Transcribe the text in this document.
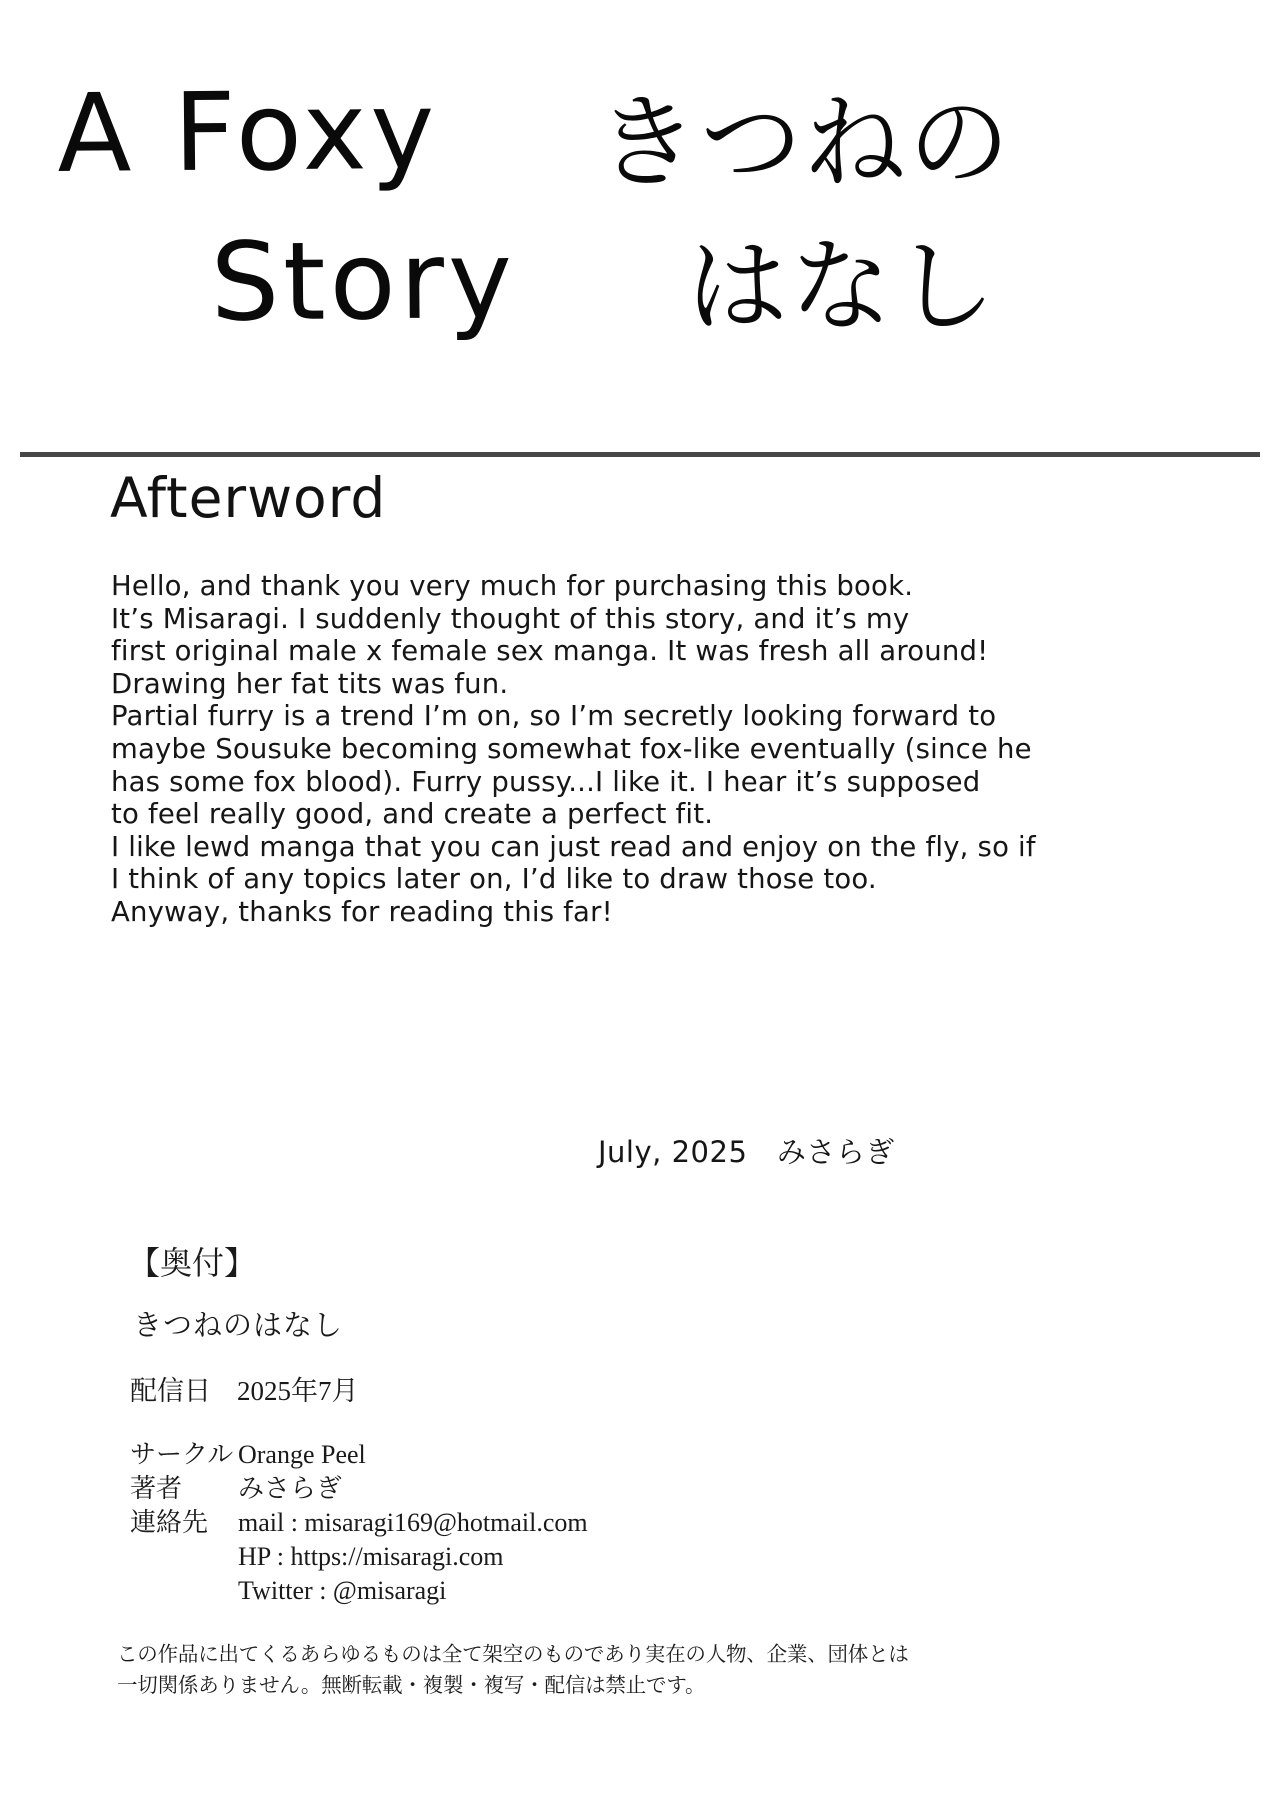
A Foxy
Story
きつねの
はなし
Afterword
Hello, and thank you very much for purchasing this book.
It’s Misaragi. I suddenly thought of this story, and it’s my
first original male x female sex manga. It was fresh all around!
Drawing her fat tits was fun.
Partial furry is a trend I’m on, so I’m secretly looking forward to
maybe Sousuke becoming somewhat fox-like eventually (since he
has some fox blood). Furry pussy...I like it. I hear it’s supposed
to feel really good, and create a perfect fit.
I like lewd manga that you can just read and enjoy on the fly, so if
I think of any topics later on, I’d like to draw those too.
Anyway, thanks for reading this far!
July, 2025　みさらぎ
【奥付】
きつねのはなし
配信日 2025年7月
サークル Orange Peel
著者	みさらぎ
連絡先	mail : misaragi169@hotmail.com
HP : https://misaragi.com
Twitter : @misaragi
この作品に出てくるあらゆるものは全て架空のものであり実在の人物、企業、団体とは
一切関係ありません。無断転載・複製・複写・配信は禁止です。
